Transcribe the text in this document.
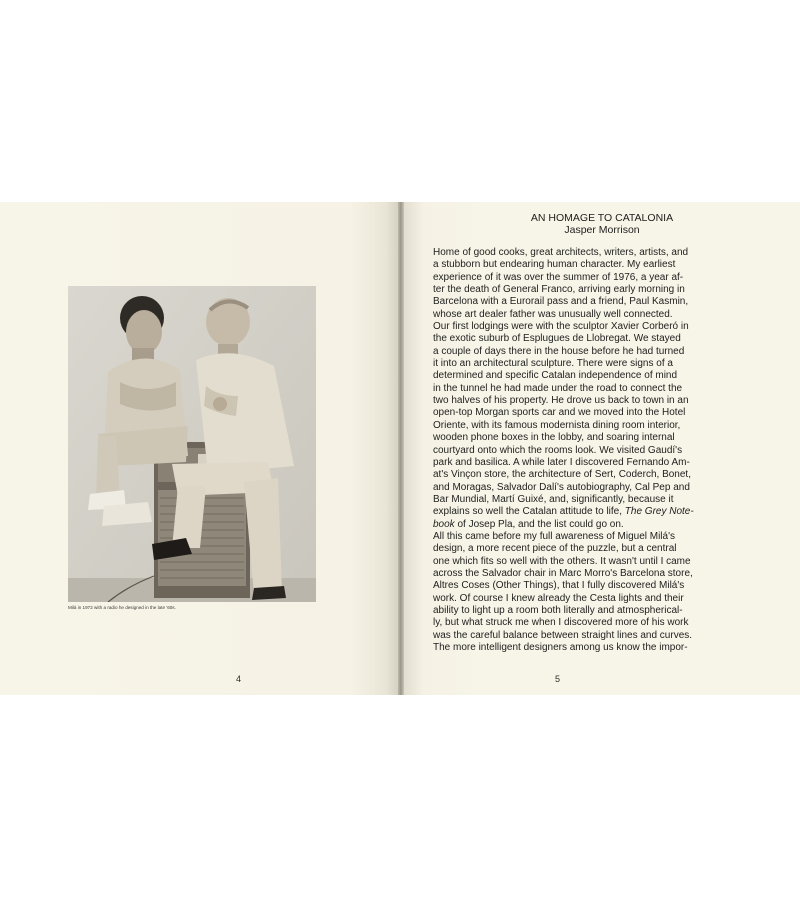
Milá in 1972 with a radio he designed in the late '60s.
4
AN HOMAGE TO CATALONIA
Jasper Morrison
Home of good cooks, great architects, writers, artists, and
a stubborn but endearing human character. My earliest
experience of it was over the summer of 1976, a year af-
ter the death of General Franco, arriving early morning in
Barcelona with a Eurorail pass and a friend, Paul Kasmin,
whose art dealer father was unusually well connected.
Our first lodgings were with the sculptor Xavier Corberó in
the exotic suburb of Esplugues de Llobregat. We stayed
a couple of days there in the house before he had turned
it into an architectural sculpture. There were signs of a
determined and specific Catalan independence of mind
in the tunnel he had made under the road to connect the
two halves of his property. He drove us back to town in an
open-top Morgan sports car and we moved into the Hotel
Oriente, with its famous modernista dining room interior,
wooden phone boxes in the lobby, and soaring internal
courtyard onto which the rooms look. We visited Gaudí's
park and basilica. A while later I discovered Fernando Am-
at's Vinçon store, the architecture of Sert, Coderch, Bonet,
and Moragas, Salvador Dalí's autobiography, Cal Pep and
Bar Mundial, Martí Guixé, and, significantly, because it
explains so well the Catalan attitude to life, The Grey Note-
book of Josep Pla, and the list could go on.
All this came before my full awareness of Miguel Milá's
design, a more recent piece of the puzzle, but a central
one which fits so well with the others. It wasn't until I came
across the Salvador chair in Marc Morro's Barcelona store,
Altres Coses (Other Things), that I fully discovered Milá's
work. Of course I knew already the Cesta lights and their
ability to light up a room both literally and atmospherical-
ly, but what struck me when I discovered more of his work
was the careful balance between straight lines and curves.
The more intelligent designers among us know the impor-
5
